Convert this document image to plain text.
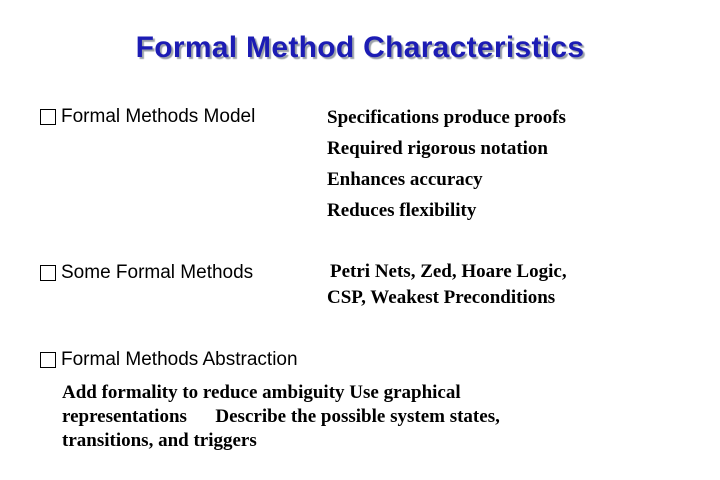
Formal Method Characteristics
Formal Methods Model	Specifications produce proofs
Required rigorous notation
Enhances accuracy
Reduces flexibility
Some Formal Methods	Petri Nets, Zed, Hoare Logic,
CSP, Weakest Preconditions
Formal Methods Abstraction
Add formality to reduce ambiguity Use graphical
representations      Describe the possible system states,
transitions, and triggers
